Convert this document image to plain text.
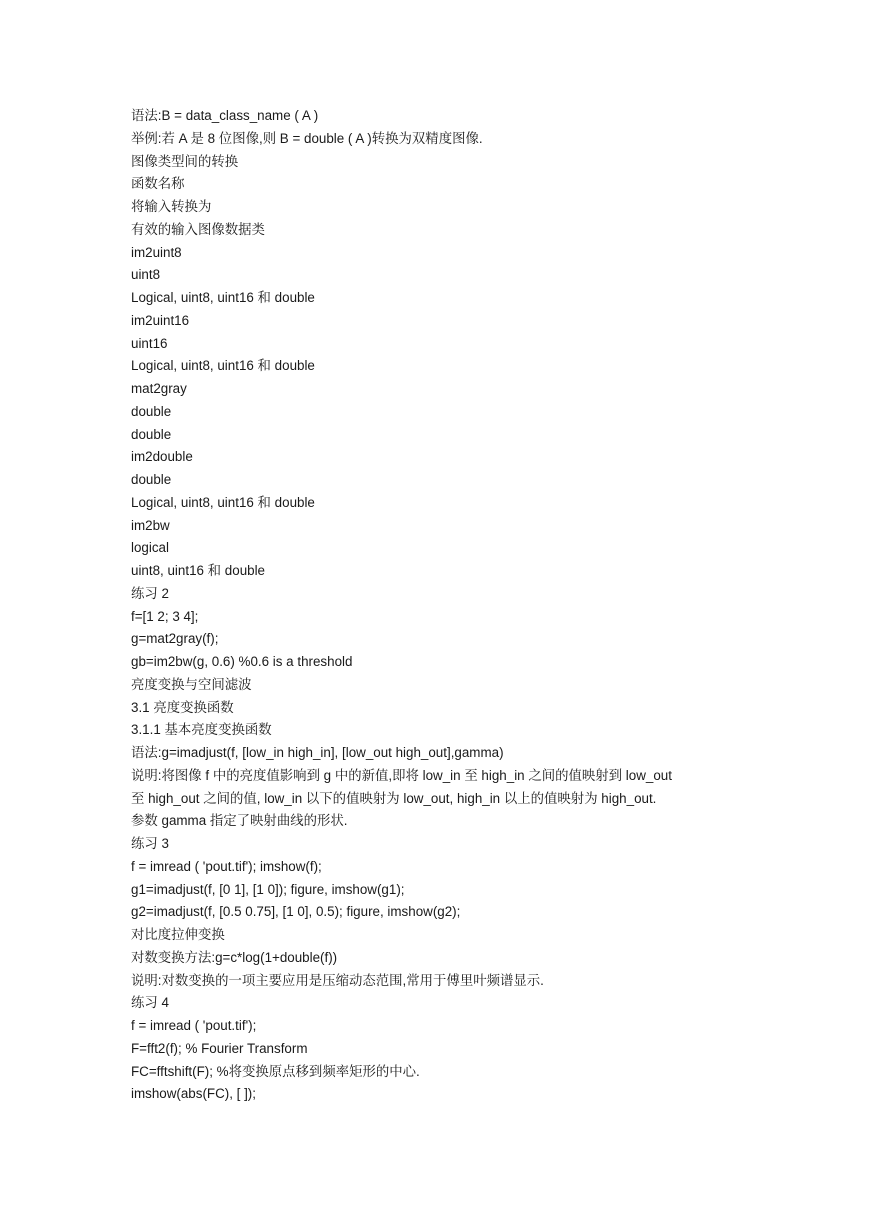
语法:B = data_class_name ( A )
举例:若 A 是 8 位图像,则 B = double ( A )转换为双精度图像.
图像类型间的转换
函数名称
将输入转换为
有效的输入图像数据类
im2uint8
uint8
Logical, uint8, uint16 和 double
im2uint16
uint16
Logical, uint8, uint16 和 double
mat2gray
double
double
im2double
double
Logical, uint8, uint16 和 double
im2bw
logical
uint8, uint16 和 double
练习 2
f=[1 2; 3 4];
g=mat2gray(f);
gb=im2bw(g, 0.6) %0.6 is a threshold
亮度变换与空间滤波
3.1 亮度变换函数
3.1.1 基本亮度变换函数
语法:g=imadjust(f, [low_in high_in], [low_out high_out],gamma)
说明:将图像 f 中的亮度值影响到 g 中的新值,即将 low_in 至 high_in 之间的值映射到 low_out
至 high_out 之间的值, low_in 以下的值映射为 low_out, high_in 以上的值映射为 high_out.
参数 gamma 指定了映射曲线的形状.
练习 3
f = imread ( 'pout.tif'); imshow(f);
g1=imadjust(f, [0 1], [1 0]); figure, imshow(g1);
g2=imadjust(f, [0.5 0.75], [1 0], 0.5); figure, imshow(g2);
对比度拉伸变换
对数变换方法:g=c*log(1+double(f))
说明:对数变换的一项主要应用是压缩动态范围,常用于傅里叶频谱显示.
练习 4
f = imread ( 'pout.tif');
F=fft2(f); % Fourier Transform
FC=fftshift(F); %将变换原点移到频率矩形的中心.
imshow(abs(FC), [ ]);
